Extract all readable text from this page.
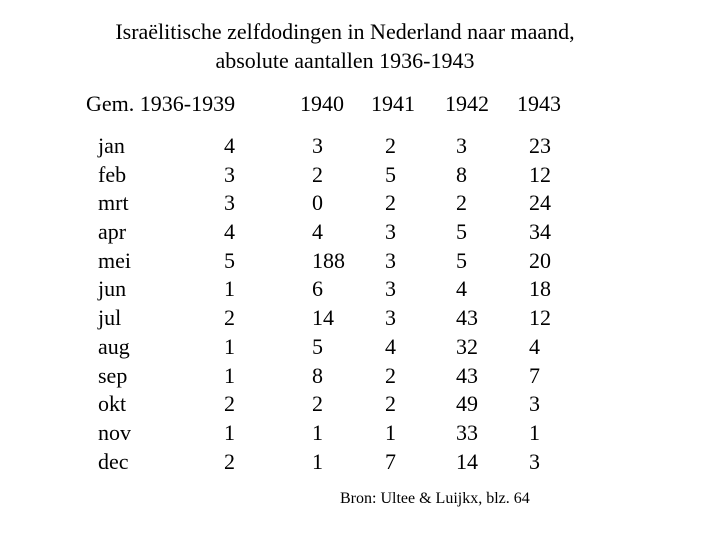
Israëlitische zelfdodingen in Nederland naar maand,
absolute aantallen 1936-1943
Gem. 1936-1939	1940 1941 1942 1943
jan
feb
mrt
apr
mei
jun
jul
aug
sep
okt
nov
dec
4
3
3
4
5
1
2
1
1
2
1
2
3
2
0
4
188
6
14
5
8
2
1
1
2
5
2
3
3
3
3
4
2
2
1
7
3
8
2
5
5
4
43
32
43
49
33
14
23
12
24
34
20
18
12
4
7
3
1
3
Bron: Ultee & Luijkx, blz. 64
